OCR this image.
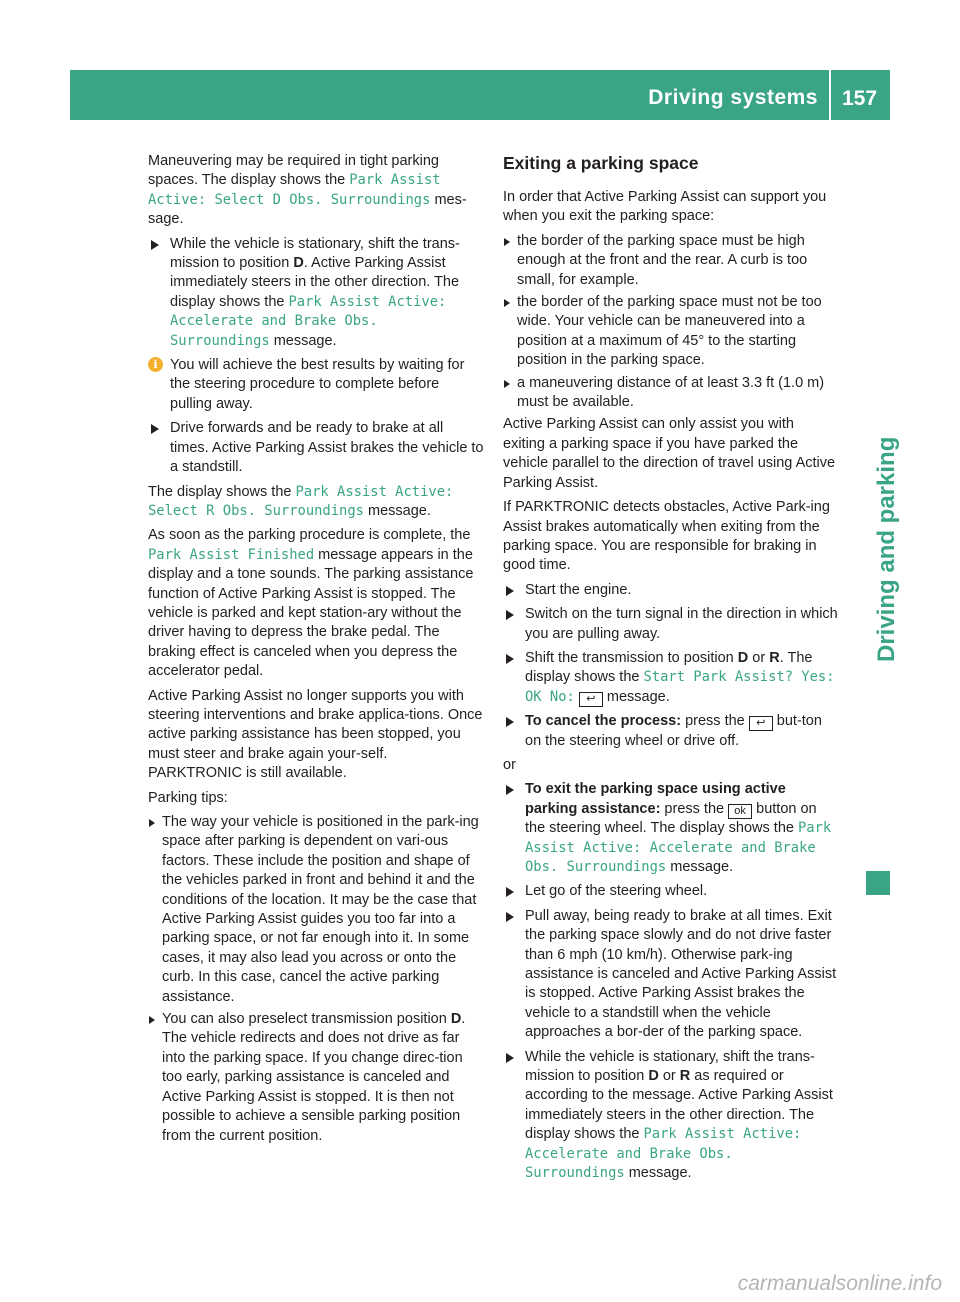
Driving systems 157
Driving and parking

Maneuvering may be required in tight parking spaces. The display shows the Park Assist Active: Select D Obs. Surroundings mes-sage.

While the vehicle is stationary, shift the trans-mission to position D. Active Parking Assist immediately steers in the other direction. The display shows the Park Assist Active: Accelerate and Brake Obs. Surroundings message.
i You will achieve the best results by waiting for the steering procedure to complete before pulling away.
Drive forwards and be ready to brake at all times. Active Parking Assist brakes the vehicle to a standstill.

The display shows the Park Assist Active: Select R Obs. Surroundings message.

As soon as the parking procedure is complete, the Park Assist Finished message appears in the display and a tone sounds. The parking assistance function of Active Parking Assist is stopped. The vehicle is parked and kept station-ary without the driver having to depress the brake pedal. The braking effect is canceled when you depress the accelerator pedal.

Active Parking Assist no longer supports you with steering interventions and brake applica-tions. Once active parking assistance has been stopped, you must steer and brake again your-self. PARKTRONIC is still available.

Parking tips:

The way your vehicle is positioned in the park-ing space after parking is dependent on vari-ous factors. These include the position and shape of the vehicles parked in front and behind it and the conditions of the location. It may be the case that Active Parking Assist guides you too far into a parking space, or not far enough into it. In some cases, it may also lead you across or onto the curb. In this case, cancel the active parking assistance.
You can also preselect transmission position D. The vehicle redirects and does not drive as far into the parking space. If you change direc-tion too early, parking assistance is canceled and Active Parking Assist is stopped. It is then not possible to achieve a sensible parking position from the current position.
Exiting a parking space

In order that Active Parking Assist can support you when you exit the parking space:

the border of the parking space must be high enough at the front and the rear. A curb is too small, for example.
the border of the parking space must not be too wide. Your vehicle can be maneuvered into a position at a maximum of 45° to the starting position in the parking space.
a maneuvering distance of at least 3.3 ft (1.0 m) must be available.

Active Parking Assist can only assist you with exiting a parking space if you have parked the vehicle parallel to the direction of travel using Active Parking Assist.

If PARKTRONIC detects obstacles, Active Park-ing Assist brakes automatically when exiting from the parking space. You are responsible for braking in good time.

Start the engine.
Switch on the turn signal in the direction in which you are pulling away.
Shift the transmission to position D or R. The display shows the Start Park Assist? Yes: OK No: ↩ message.
To cancel the process: press the ↩ but-ton on the steering wheel or drive off.

or

To exit the parking space using active parking assistance: press the ok button on the steering wheel. The display shows the Park Assist Active: Accelerate and Brake Obs. Surroundings message.
Let go of the steering wheel.
Pull away, being ready to brake at all times. Exit the parking space slowly and do not drive faster than 6 mph (10 km/h). Otherwise park-ing assistance is canceled and Active Parking Assist is stopped. Active Parking Assist brakes the vehicle to a standstill when the vehicle approaches a bor-der of the parking space.
While the vehicle is stationary, shift the trans-mission to position D or R as required or according to the message. Active Parking Assist immediately steers in the other direction. The display shows the Park Assist Active: Accelerate and Brake Obs. Surroundings message.
carmanualsonline.info
